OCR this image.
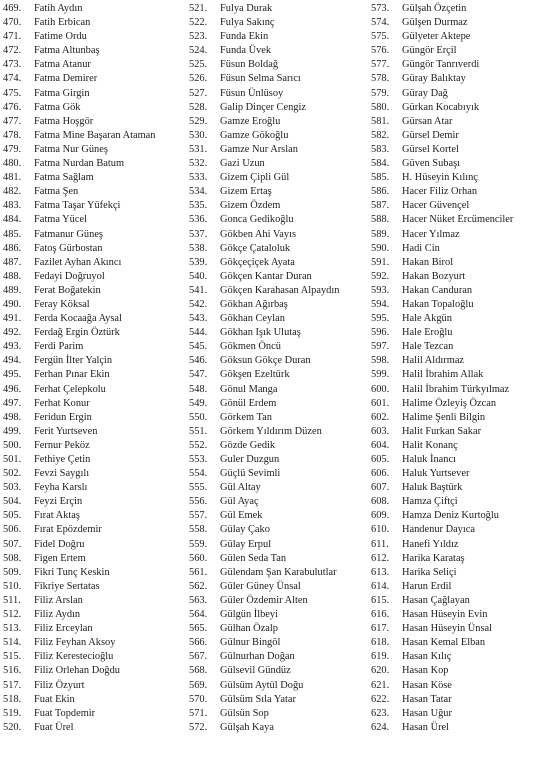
469. Fatih Aydın
470. Fatih Erbican
471. Fatime Ordu
472. Fatma Altunbaş
473. Fatma Atanur
474. Fatma Demirer
475. Fatma Girgin
476. Fatma Gök
477. Fatma Hoşgör
478. Fatma Mine Başaran Ataman
479. Fatma Nur Güneş
480. Fatma Nurdan Batum
481. Fatma Sağlam
482. Fatma Şen
483. Fatma Taşar Yüfekçi
484. Fatma Yücel
485. Fatmanur Güneş
486. Fatoş Gürbostan
487. Fazilet Ayhan Akıncı
488. Fedayi Doğruyol
489. Ferat Boğatekin
490. Feray Köksal
491. Ferda Kocaağa Aysal
492. Ferdağ Ergin Öztürk
493. Ferdi Parim
494. Fergün İlter Yalçin
495. Ferhan Pınar Ekin
496. Ferhat Çelepkolu
497. Ferhat Konur
498. Feridun Ergin
499. Ferit Yurtseven
500. Fernur Peköz
501. Fethiye Çetin
502. Fevzi Saygılı
503. Feyha Karslı
504. Feyzi Erçin
505. Fırat Aktaş
506. Fırat Epözdemir
507. Fidel Doğru
508. Figen Ertem
509. Fikri Tunç Keskin
510. Fikriye Sertatas
511. Filiz Arslan
512. Filiz Aydın
513. Filiz Erceylan
514. Filiz Feyhan Aksoy
515. Filiz Kerestecioğlu
516. Filiz Orlehan Doğdu
517. Filiz Özyurt
518. Fuat Ekin
519. Fuat Topdemir
520. Fuat Ürel
521. Fulya Durak
522. Fulya Sakınç
523. Funda Ekin
524. Funda Üvek
525. Füsun Boldağ
526. Füsun Selma Sarıcı
527. Füsun Ünlüsoy
528. Galip Dinçer Cengiz
529. Gamze Eroğlu
530. Gamze Gökoğlu
531. Gamze Nur Arslan
532. Gazi Uzun
533. Gizem Çipli Gül
534. Gizem Ertaş
535. Gizem Özdem
536. Gonca Gedikoğlu
537. Gökben Ahi Vayıs
538. Gökçe Çataloluk
539. Gökçeçiçek Ayata
540. Gökçen Kantar Duran
541. Gökçen Karahasan Alpaydın
542. Gökhan Ağırbaş
543. Gökhan Ceylan
544. Gökhan Işık Ulutaş
545. Gökmen Öncü
546. Göksun Gökçe Duran
547. Gökşen Ezeltürk
548. Gönul Manga
549. Gönül Erdem
550. Görkem Tan
551. Görkem Yıldırım Düzen
552. Gözde Gedik
553. Guler Duzgun
554. Güçlü Sevimli
555. Gül Altay
556. Gül Ayaç
557. Gül Emek
558. Gülay Çako
559. Gülay Erpul
560. Gülen Seda Tan
561. Gülendam Şan Karabulutlar
562. Güler Güney Ünsal
563. Güler Özdemir Alten
564. Gülgün İlbeyi
565. Gülhan Özalp
566. Gülnur Bingöl
567. Gülnurhan Doğan
568. Gülsevil Gündüz
569. Gülsüm Aytül Doğu
570. Gülsüm Sıla Yatar
571. Gülsün Sop
572. Gülşah Kaya
573. Gülşah Özçetin
574. Gülşen Durmaz
575. Gülyeter Aktepe
576. Güngör Erçil
577. Güngör Tanrıverdi
578. Güray Balıktay
579. Güray Dağ
580. Gürkan Kocabıyık
581. Gürsan Atar
582. Gürsel Demir
583. Gürsel Kortel
584. Güven Subaşı
585. H. Hüseyin Kılınç
586. Hacer Filiz Orhan
587. Hacer Güvençel
588. Hacer Nüket Ercümenciler
589. Hacer Yılmaz
590. Hadi Cin
591. Hakan Birol
592. Hakan Bozyurt
593. Hakan Canduran
594. Hakan Topaloğlu
595. Hale Akgün
596. Hale Eroğlu
597. Hale Tezcan
598. Halil Aldırmaz
599. Halil İbrahim Allak
600. Halil İbrahim Türkyılmaz
601. Halime Özleyiş Özcan
602. Halime Şenli Bilgin
603. Halit Furkan Sakar
604. Halit Konanç
605. Haluk İnancı
606. Haluk Yurtsever
607. Haluk Baştürk
608. Hamza Çiftçi
609. Hamza Deniz Kurtoğlu
610. Handenur Dayıca
611. Hanefi Yıldız
612. Harika Karataş
613. Harika Seliçi
614. Harun Erdil
615. Hasan Çağlayan
616. Hasan Hüseyin Evin
617. Hasan Hüseyin Ünsal
618. Hasan Kemal Elban
619. Hasan Kılıç
620. Hasan Kop
621. Hasan Köse
622. Hasan Tatar
623. Hasan Uğur
624. Hasan Ürel
